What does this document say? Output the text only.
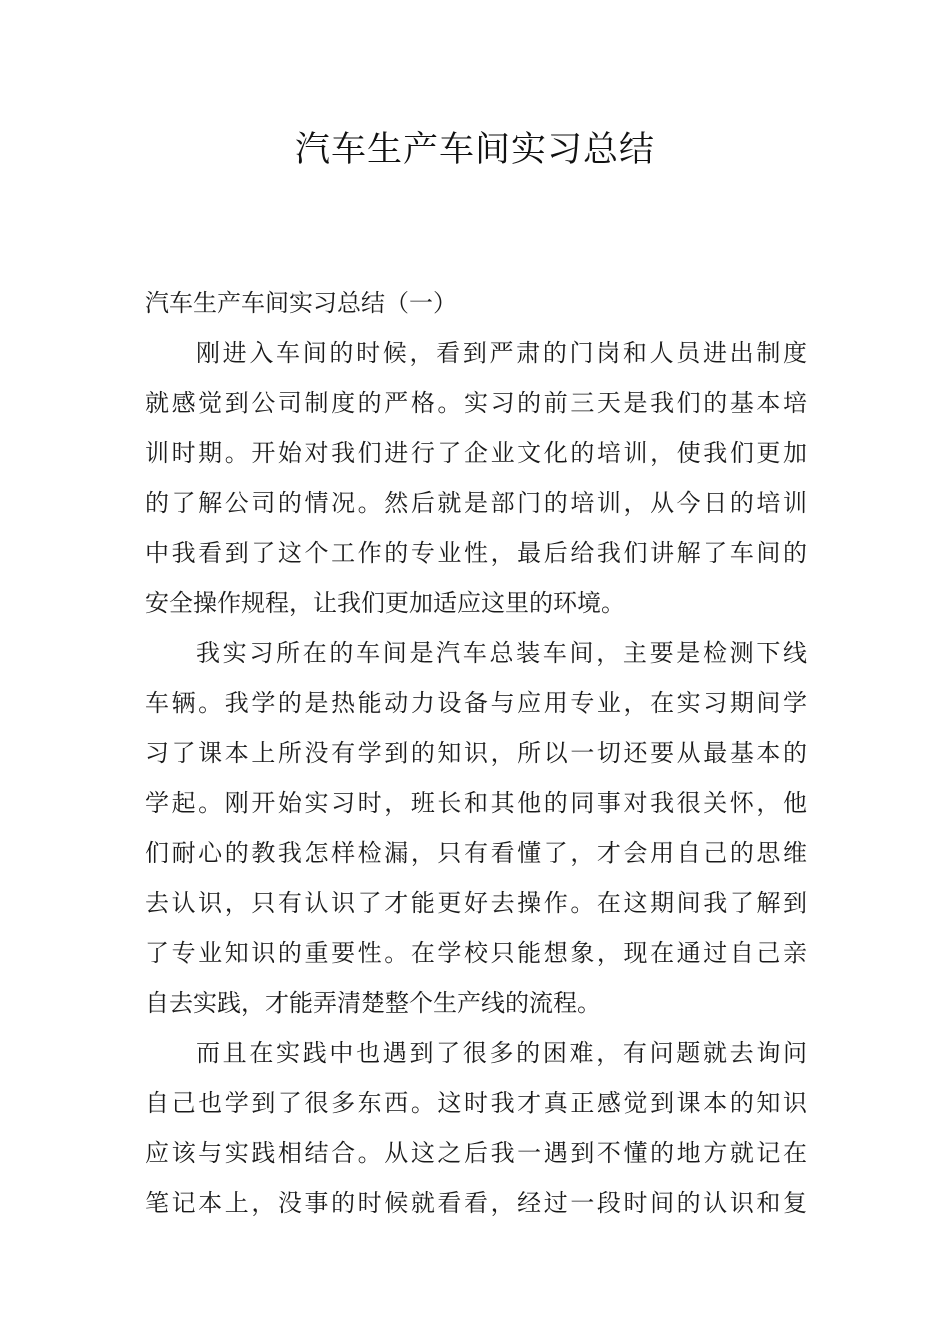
汽车生产车间实习总结

汽车生产车间实习总结（一）

刚进入车间的时候，看到严肃的门岗和人员进出制度
就感觉到公司制度的严格。实习的前三天是我们的基本培
训时期。开始对我们进行了企业文化的培训，使我们更加
的了解公司的情况。然后就是部门的培训，从今日的培训
中我看到了这个工作的专业性，最后给我们讲解了车间的
安全操作规程，让我们更加适应这里的环境。
我实习所在的车间是汽车总装车间，主要是检测下线
车辆。我学的是热能动力设备与应用专业，在实习期间学
习了课本上所没有学到的知识，所以一切还要从最基本的
学起。刚开始实习时，班长和其他的同事对我很关怀，他
们耐心的教我怎样检漏，只有看懂了，才会用自己的思维
去认识，只有认识了才能更好去操作。在这期间我了解到
了专业知识的重要性。在学校只能想象，现在通过自己亲
自去实践，才能弄清楚整个生产线的流程。
而且在实践中也遇到了很多的困难，有问题就去询问
自己也学到了很多东西。这时我才真正感觉到课本的知识
应该与实践相结合。从这之后我一遇到不懂的地方就记在
笔记本上，没事的时候就看看，经过一段时间的认识和复
